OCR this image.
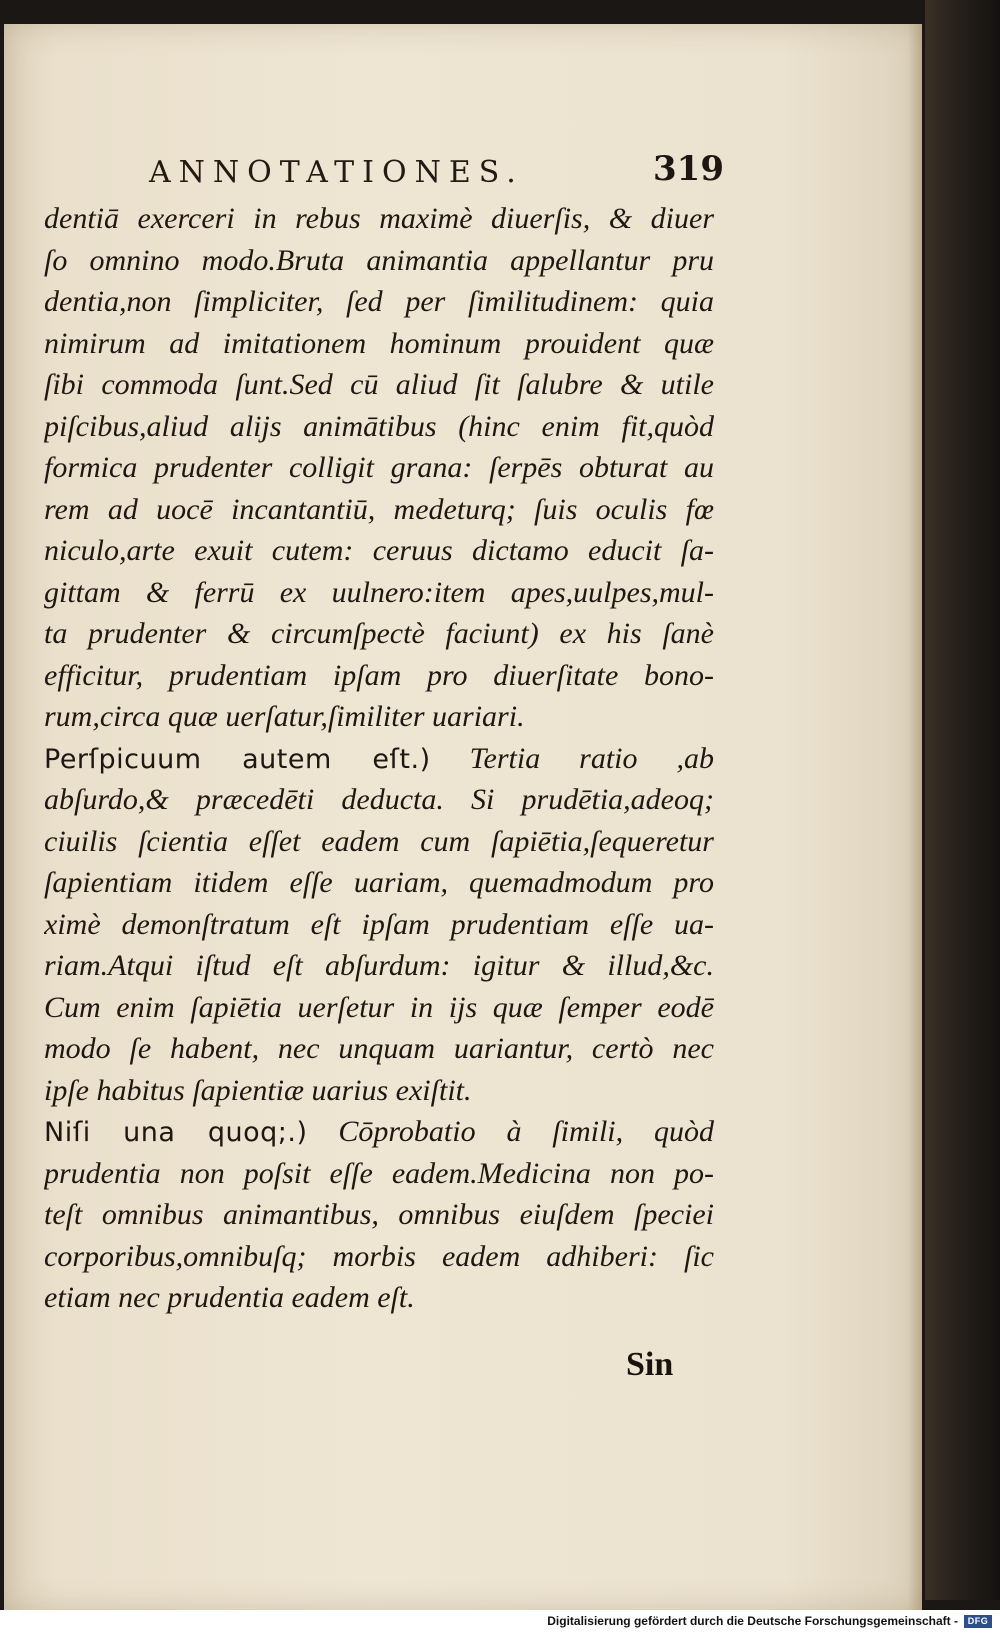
ANNOTATIONES.	319
dentiā exerceri in rebus maximè diuerſis, & diuer
ſo omnino modo.Bruta animantia appellantur pru
dentia,non ſimpliciter, ſed per ſimilitudinem: quia
nimirum ad imitationem hominum prouident quæ
ſibi commoda ſunt.Sed cū aliud ſit ſalubre & utile
piſcibus,aliud alijs animātibus (hinc enim fit,quòd
formica prudenter colligit grana: ſerpēs obturat au
rem ad uocē incantantiū, medeturq; ſuis oculis fœ
niculo,arte exuit cutem: ceruus dictamo educit ſa-
gittam & ferrū ex uulnero:item apes,uulpes,mul-
ta prudenter & circumſpectè faciunt) ex his ſanè
efficitur, prudentiam ipſam pro diuerſitate bono-
rum,circa quæ uerſatur,ſimiliter uariari.
Perſpicuum autem eſt.) Tertia ratio ,ab
abſurdo,& præcedēti deducta. Si prudētia,adeoq;
ciuilis ſcientia eſſet eadem cum ſapiētia,ſequeretur
ſapientiam itidem eſſe uariam, quemadmodum pro
ximè demonſtratum eſt ipſam prudentiam eſſe ua-
riam.Atqui iſtud eſt abſurdum: igitur & illud,&c.
Cum enim ſapiētia uerſetur in ijs quæ ſemper eodē
modo ſe habent, nec unquam uariantur, certò nec
ipſe habitus ſapientiæ uarius exiſtit.
Niſi una quoq;.) Cōprobatio à ſimili, quòd
prudentia non poſsit eſſe eadem.Medicina non po-
teſt omnibus animantibus, omnibus eiuſdem ſpeciei
corporibus,omnibuſq; morbis eadem adhiberi: ſic
etiam nec prudentia eadem eſt.
Sin
Digitalisierung gefördert durch die Deutsche Forschungsgemeinschaft -	DFG
